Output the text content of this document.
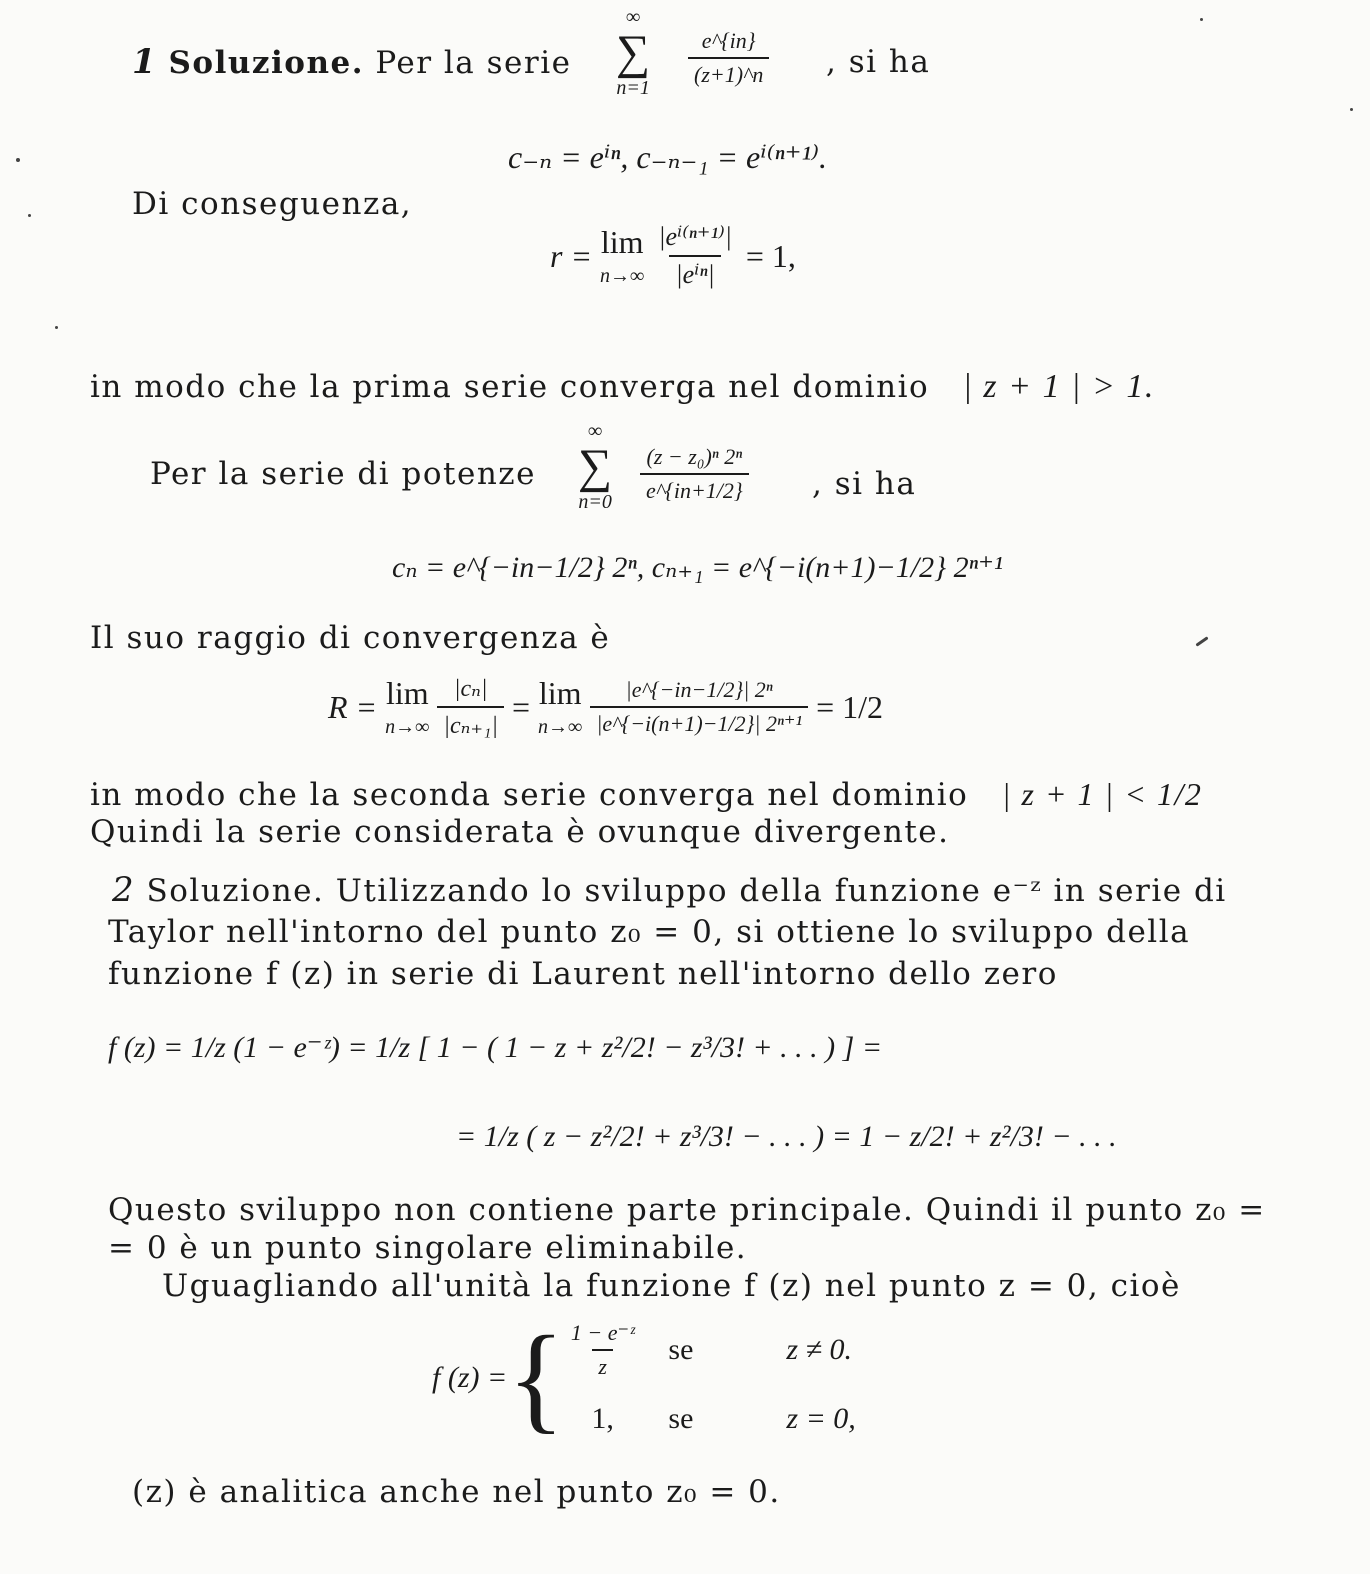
1 Soluzione. Per la serie
∞
∑
$n=1 \frac{e\^{}\{in\}}{(z+1)\^{}n}$ , si ha
c₋ₙ = eⁱⁿ, c₋ₙ₋₁ = eⁱ⁽ⁿ⁺¹⁾.
Di conseguenza,
r = lim
$n\to\infty \frac{\text{|eⁱ⁽ⁿ⁺¹⁾|}}{\text{|eⁱⁿ|}} = 1$,
in modo che la prima serie converga nel dominio | z + 1 | > 1.
Per la serie di potenze
∞
∑
$n=0 \frac{\text{(z − z₀)ⁿ 2ⁿ}}{e\^{}\{in+1/2\}}$ , si ha
cₙ = e^{−in−1/2} 2ⁿ, cₙ₊₁ = e^{−i(n+1)−1/2} 2ⁿ⁺¹
Il suo raggio di convergenza è
R = lim
$n\to\infty \frac{\text{|cₙ|}}{\text{|cₙ₊₁|}} = \lim$
$n\to\infty \frac{\text{|e\textasciicircum{}\{−in−1/2\}| 2ⁿ}}{\text{|e\textasciicircum{}\{−i(n+1)−1/2\}| 2ⁿ⁺¹}} = 1/2$
in modo che la seconda serie converga nel dominio | z + 1 | < 1/2
Quindi la serie considerata è ovunque divergente.
2 Soluzione. Utilizzando lo sviluppo della funzione e⁻ᶻ in serie di
Taylor nell'intorno del punto z₀ = 0, si ottiene lo sviluppo della
funzione f (z) in serie di Laurent nell'intorno dello zero
f (z) = 1/z (1 − e⁻ᶻ) = 1/z [ 1 − ( 1 − z + z²/2! − z³/3! + . . . ) ] =
= 1/z ( z − z²/2! + z³/3! − . . . ) = 1 − z/2! + z²/3! − . . .
Questo sviluppo non contiene parte principale. Quindi il punto z₀ =
= 0 è un punto singolare eliminabile.
Uguagliando all'unità la funzione f (z) nel punto z = 0, cioè
f (z) = { $\frac{\text{1 − e⁻ᶻ}}{z}$ se	z ≠ 0.
1,	se	z = 0,
(z) è analitica anche nel punto z₀ = 0.
